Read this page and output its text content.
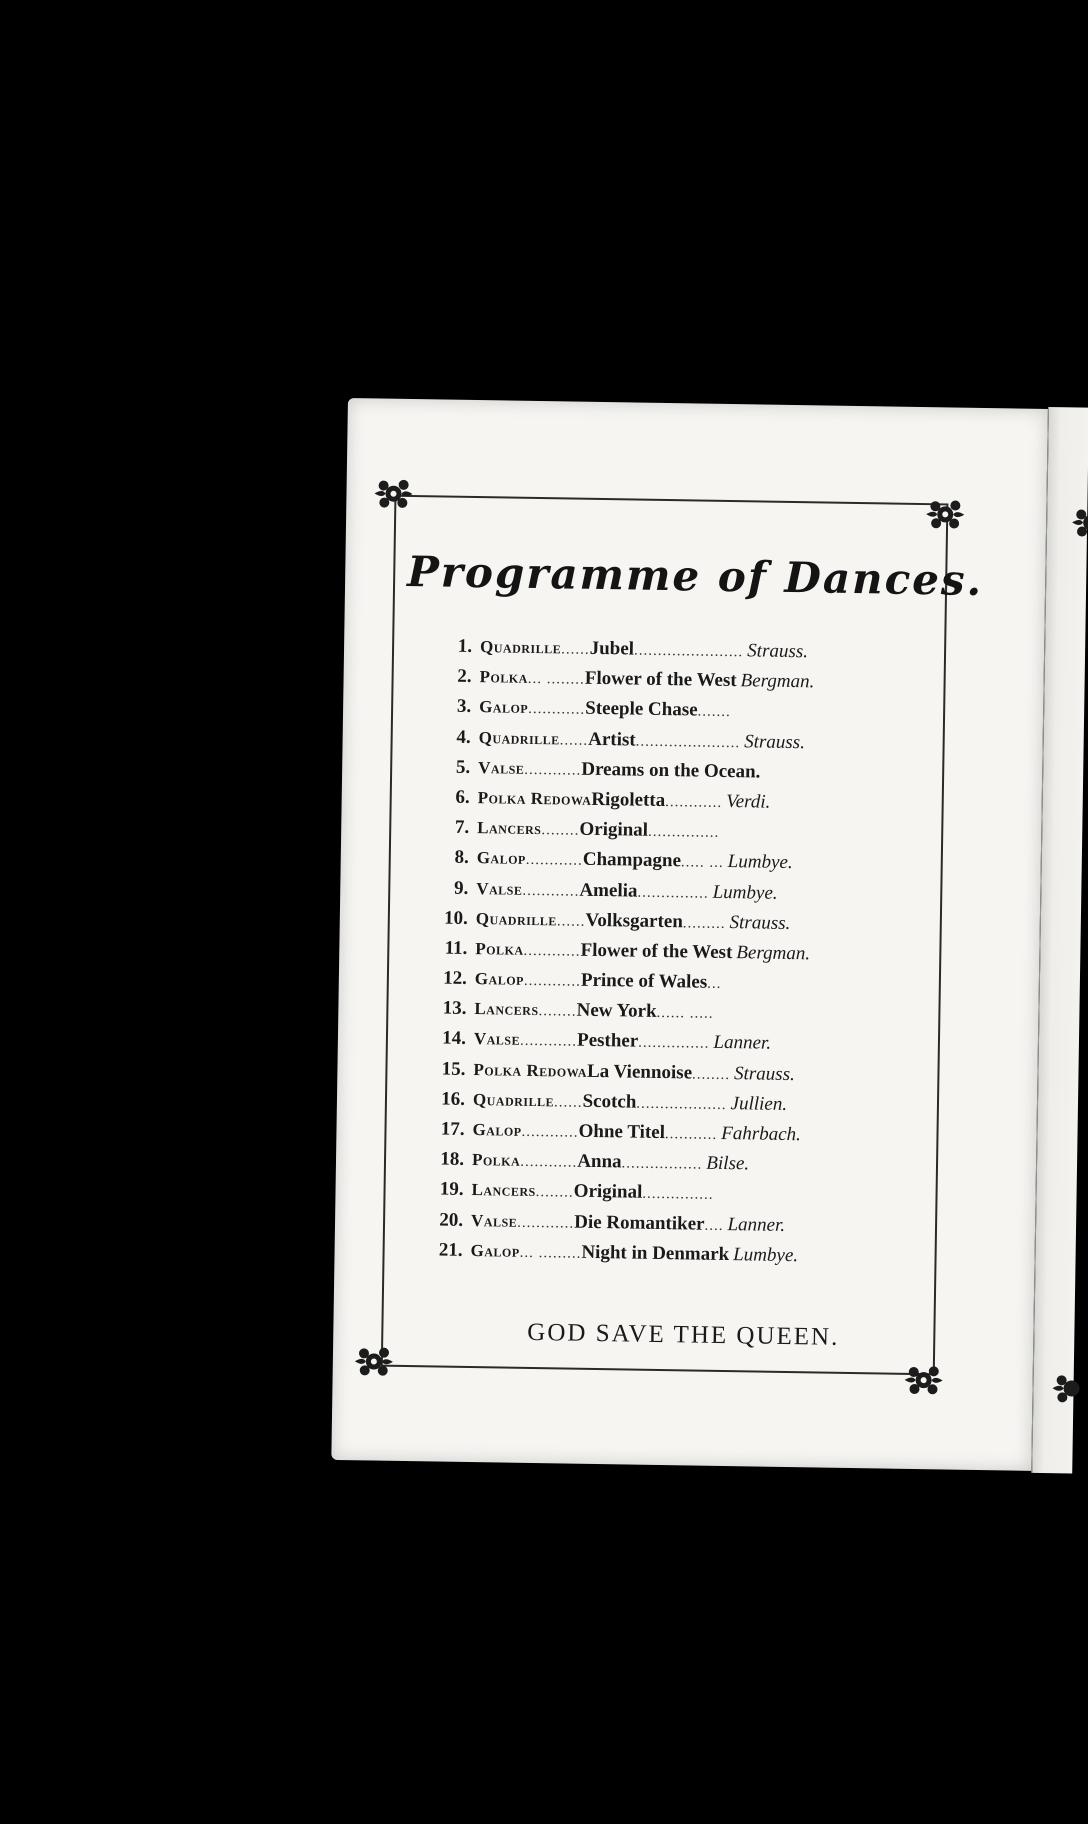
Programme of Dances.
1. Quadrille ...... Jubel ....................... Strauss.
2. Polka ... ........ Flower of the West Bergman.
3. Galop ............ Steeple Chase .......
4. Quadrille ...... Artist ...................... Strauss.
5. Valse ............ Dreams on the Ocean.
6. Polka Redowa Rigoletta ............ Verdi.
7. Lancers ........ Original ...............
8. Galop ............ Champagne ..... ... Lumbye.
9. Valse ............ Amelia ............... Lumbye.
10. Quadrille ...... Volksgarten ......... Strauss.
11. Polka ............ Flower of the West Bergman.
12. Galop ............ Prince of Wales ...
13. Lancers ........ New York ...... .....
14. Valse ............ Pesther ............... Lanner.
15. Polka Redowa La Viennoise ........ Strauss.
16. Quadrille ...... Scotch ................... Jullien.
17. Galop ............ Ohne Titel ........... Fahrbach.
18. Polka ............ Anna ................. Bilse.
19. Lancers ........ Original ...............
20. Valse ............ Die Romantiker .... Lanner.
21. Galop ... ......... Night in Denmark Lumbye.
GOD SAVE THE QUEEN.
